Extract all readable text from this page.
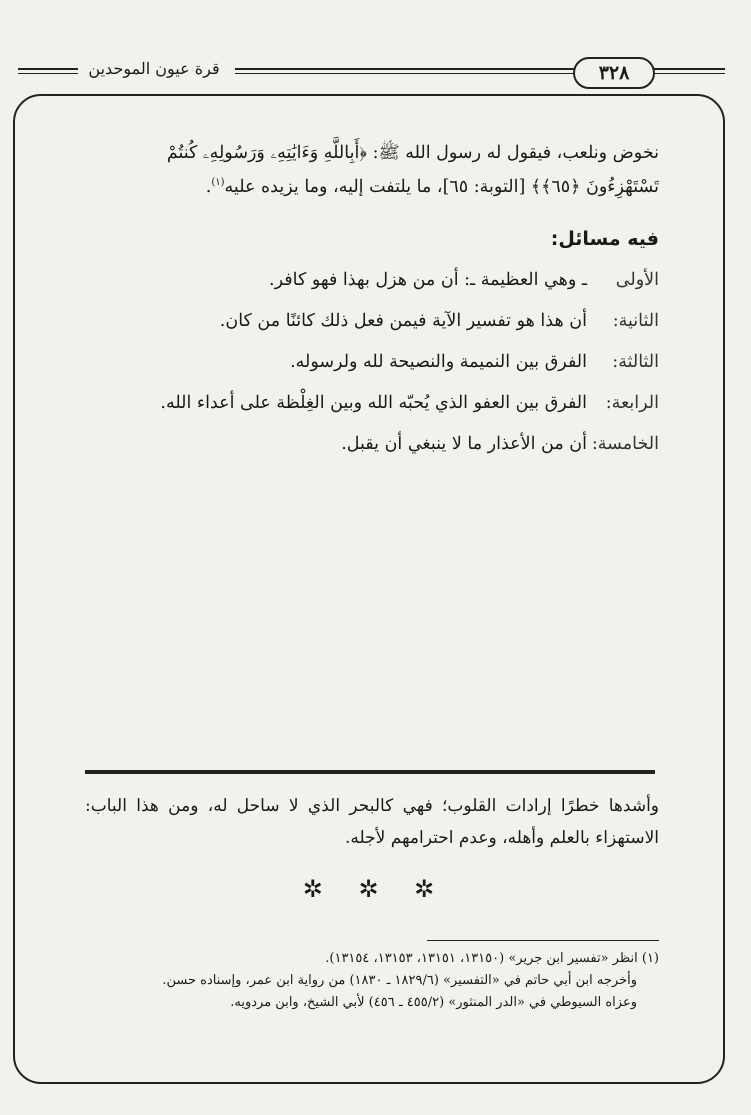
٣٢٨
قرة عيون الموحدين

نخوض ونلعب، فيقول له رسول الله ﷺ: ﴿أَبِاللَّهِ وَءَايَٰتِهِۦ وَرَسُولِهِۦ كُنتُمْ
تَسْتَهْزِءُونَ ﴿٦٥﴾﴾ [التوبة: ٦٥]، ما يلتفت إليه، وما يزيده عليه$^{(١)}$.

فيه مسائل:

الأولى
ـ وهي العظيمة ـ: أن من هزل بهذا فهو كافر.

الثانية:
أن هذا هو تفسير الآية فيمن فعل ذلك كائنًا من كان.

الثالثة:
الفرق بين النميمة والنصيحة لله ولرسوله.

الرابعة:
الفرق بين العفو الذي يُحبّه الله وبين الغِلْظة على أعداء الله.

الخامسة:
أن من الأعذار ما لا ينبغي أن يقبل.

وأشدها خطرًا إرادات القلوب؛ فهي كالبحر الذي لا ساحل له، ومن هذا الباب: الاستهزاء بالعلم وأهله، وعدم احترامهم لأجله.
✲ ✲ ✲

(١) انظر «تفسير ابن جرير» (١٣١٥٠، ١٣١٥١، ١٣١٥٣، ١٣١٥٤).

وأخرجه ابن أبي حاتم في «التفسير» (١٨٢٩/٦ ـ ١٨٣٠) من رواية ابن عمر، وإسناده حسن.

وعزاه السيوطي في «الدر المنثور» (٤٥٥/٢ ـ ٤٥٦) لأبي الشيخ، وابن مردويه.
